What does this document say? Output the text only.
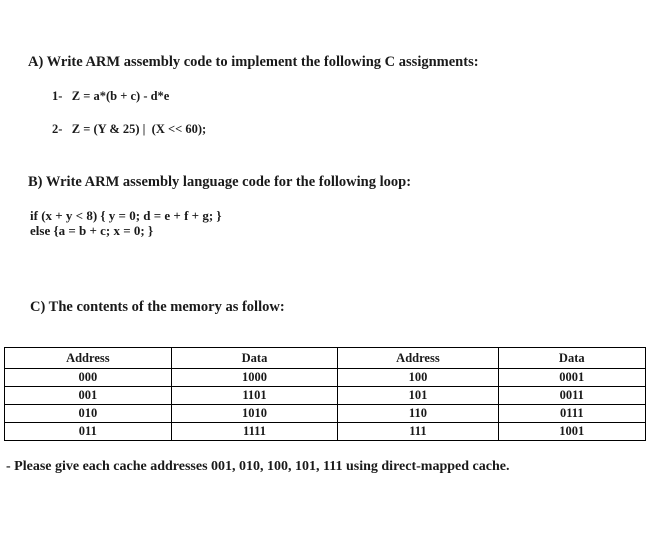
A) Write ARM assembly code to implement the following C assignments:
1-   Z = a*(b + c) - d*e
2-   Z = (Y & 25) |  (X << 60);
B) Write ARM assembly language code for the following loop:
if (x + y < 8) { y = 0; d = e + f + g; }
else {a = b + c; x = 0; }
C) The contents of the memory as follow:
Address	Data	Address	Data
000	1000	100	0001
001	1101	101	0011
010	1010	110	0111
011	1111	111	1001
- Please give each cache addresses 001, 010, 100, 101, 111 using direct-mapped cache.
